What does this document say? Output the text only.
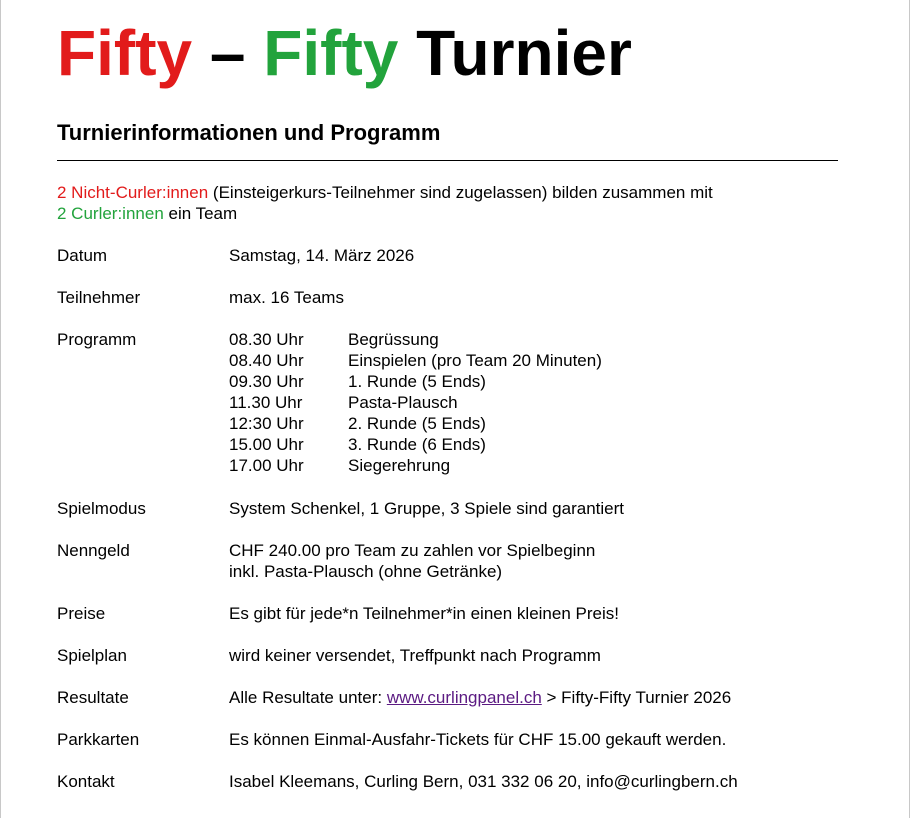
Fifty – Fifty Turnier
Turnierinformationen und Programm
2 Nicht-Curler:innen (Einsteigerkurs-Teilnehmer sind zugelassen) bilden zusammen mit
2 Curler:innen ein Team
Datum	Samstag, 14. März 2026
Teilnehmer	max. 16 Teams
Programm	08.30 Uhr	Begrüssung
08.40 Uhr	Einspielen (pro Team 20 Minuten)
09.30 Uhr	1. Runde (5 Ends)
11.30 Uhr	Pasta-Plausch
12:30 Uhr	2. Runde (5 Ends)
15.00 Uhr	3. Runde (6 Ends)
17.00 Uhr	Siegerehrung
Spielmodus	System Schenkel, 1 Gruppe, 3 Spiele sind garantiert
Nenngeld	CHF 240.00 pro Team zu zahlen vor Spielbeginn
inkl. Pasta-Plausch (ohne Getränke)
Preise	Es gibt für jede*n Teilnehmer*in einen kleinen Preis!
Spielplan	wird keiner versendet, Treffpunkt nach Programm
Resultate	Alle Resultate unter: www.curlingpanel.ch > Fifty-Fifty Turnier 2026
Parkkarten	Es können Einmal-Ausfahr-Tickets für CHF 15.00 gekauft werden.
Kontakt	Isabel Kleemans, Curling Bern, 031 332 06 20, info@curlingbern.ch
